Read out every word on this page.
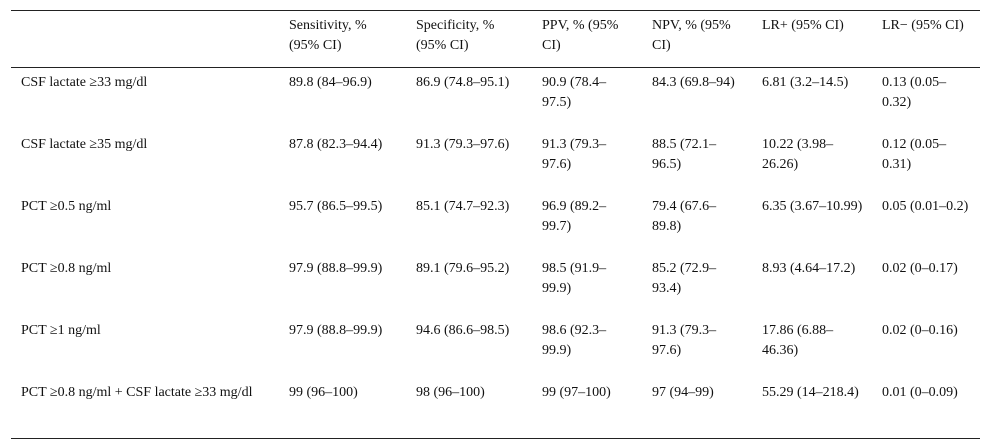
	Sensitivity, % (95% CI)	Specificity, % (95% CI)	PPV, % (95% CI)	NPV, % (95% CI)	LR+ (95% CI)	LR− (95% CI)
CSF lactate ≥33 mg/dl	89.8 (84–96.9)	86.9 (74.8–95.1)	90.9 (78.4–97.5)	84.3 (69.8–94)	6.81 (3.2–14.5)	0.13 (0.05–0.32)
CSF lactate ≥35 mg/dl	87.8 (82.3–94.4)	91.3 (79.3–97.6)	91.3 (79.3–97.6)	88.5 (72.1–96.5)	10.22 (3.98–26.26)	0.12 (0.05–0.31)
PCT ≥0.5 ng/ml	95.7 (86.5–99.5)	85.1 (74.7–92.3)	96.9 (89.2–99.7)	79.4 (67.6–89.8)	6.35 (3.67–10.99)	0.05 (0.01–0.2)
PCT ≥0.8 ng/ml	97.9 (88.8–99.9)	89.1 (79.6–95.2)	98.5 (91.9–99.9)	85.2 (72.9–93.4)	8.93 (4.64–17.2)	0.02 (0–0.17)
PCT ≥1 ng/ml	97.9 (88.8–99.9)	94.6 (86.6–98.5)	98.6 (92.3–99.9)	91.3 (79.3–97.6)	17.86 (6.88–46.36)	0.02 (0–0.16)
PCT ≥0.8 ng/ml + CSF lactate ≥33 mg/dl	99 (96–100)	98 (96–100)	99 (97–100)	97 (94–99)	55.29 (14–218.4)	0.01 (0–0.09)
